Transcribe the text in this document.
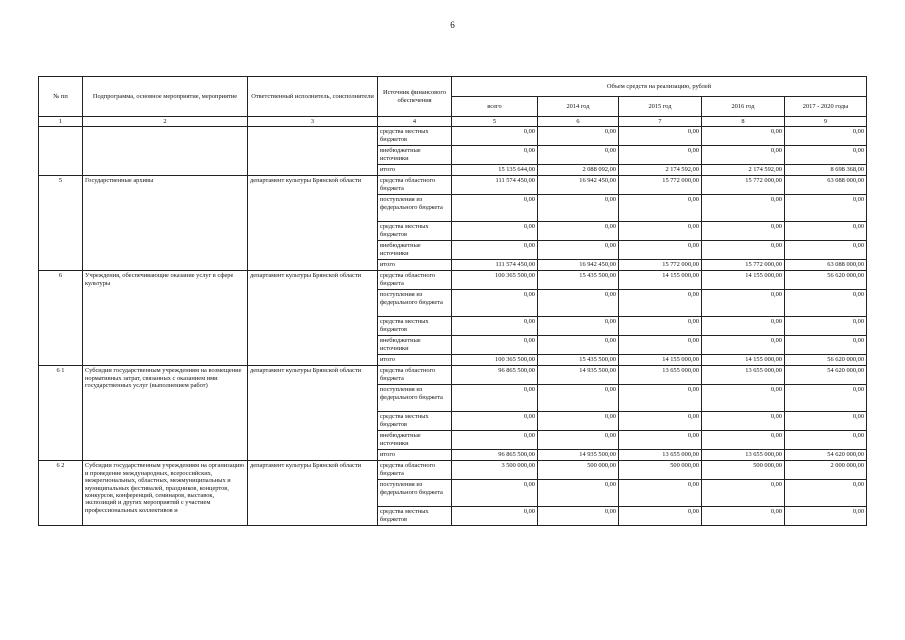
6
№ пп	Подпрограмма, основное мероприятие, мероприятие	Ответственный исполнитель, соисполнители	Источник финансового обеспечения	Объем средств на реализацию, рублей				
				всего	2014 год	2015 год	2016 год	2017 - 2020 годы
1	2	3	4	5	6	7	8	9
			средства местных бюджетов	0,00	0,00	0,00	0,00	0,00
			внебюджетные источники	0,00	0,00	0,00	0,00	0,00
			итого	15 135 644,00	2 088 092,00	2 174 592,00	2 174 592,00	8 698 368,00
5	Государственные архивы	департамент культуры Брянской области	средства областного бюджета	111 574 450,00	16 942 450,00	15 772 000,00	15 772 000,00	63 088 000,00
			поступления из федерального бюджета	0,00	0,00	0,00	0,00	0,00
			средства местных бюджетов	0,00	0,00	0,00	0,00	0,00
			внебюджетные источники	0,00	0,00	0,00	0,00	0,00
			итого	111 574 450,00	16 942 450,00	15 772 000,00	15 772 000,00	63 088 000,00
6	Учреждения, обеспечивающие оказание услуг в сфере культуры	департамент культуры Брянской области	средства областного бюджета	100 365 500,00	15 435 500,00	14 155 000,00	14 155 000,00	56 620 000,00
			поступления из федерального бюджета	0,00	0,00	0,00	0,00	0,00
			средства местных бюджетов	0,00	0,00	0,00	0,00	0,00
			внебюджетные источники	0,00	0,00	0,00	0,00	0,00
			итого	100 365 500,00	15 435 500,00	14 155 000,00	14 155 000,00	56 620 000,00
6 1	Субсидии государственным учреждениям на возмещение нормативных затрат, связанных с оказанием ими государственных услуг (выполнением работ)	департамент культуры Брянской области	средства областного бюджета	96 865 500,00	14 935 500,00	13 655 000,00	13 655 000,00	54 620 000,00
			поступления из федерального бюджета	0,00	0,00	0,00	0,00	0,00
			средства местных бюджетов	0,00	0,00	0,00	0,00	0,00
			внебюджетные источники	0,00	0,00	0,00	0,00	0,00
			итого	96 865 500,00	14 935 500,00	13 655 000,00	13 655 000,00	54 620 000,00
6 2	Субсидии государственным учреждениям на организацию и проведение международных, всероссийских, межрегиональных, областных, межмуниципальных и муниципальных фестивалей, праздников, концертов, конкурсов, конференций, семинаров, выставок, экспозиций и других мероприятий с участием профессиональных коллективов и	департамент культуры Брянской области	средства областного бюджета	3 500 000,00	500 000,00	500 000,00	500 000,00	2 000 000,00
			поступления из федерального бюджета	0,00	0,00	0,00	0,00	0,00
			средства местных бюджетов	0,00	0,00	0,00	0,00	0,00
